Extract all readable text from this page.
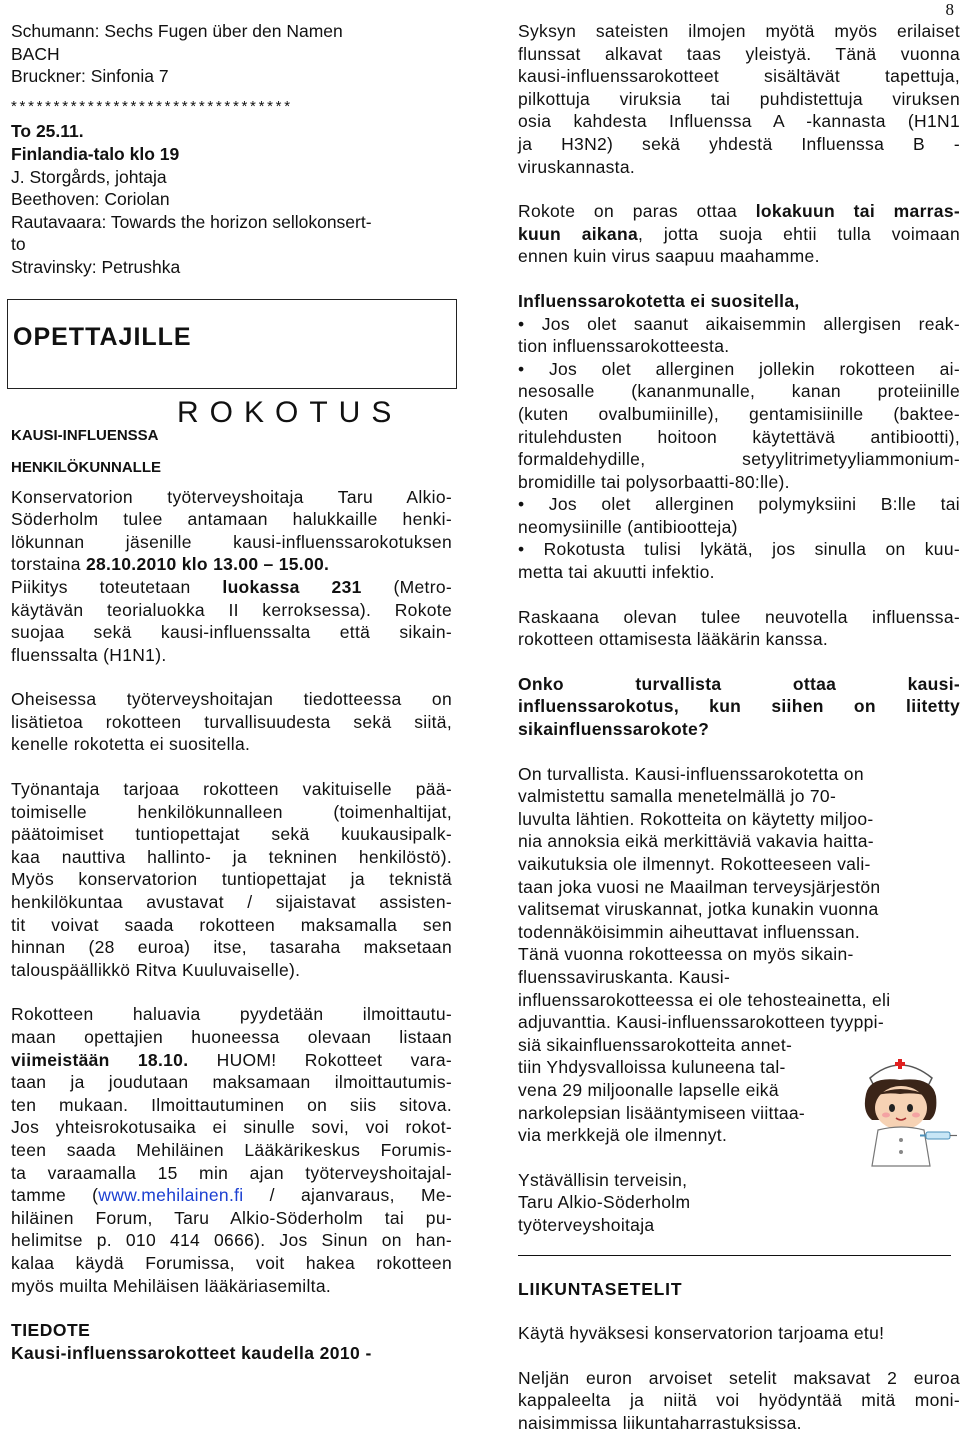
8

Schumann: Sechs Fugen über den Namen

BACH

Bruckner: Sinfonia 7

*********************************

To 25.11.

Finlandia-talo klo 19

J. Storgårds, johtaja

Beethoven: Coriolan

Rautavaara: Towards the horizon sellokonsert-

to

Stravinsky: Petrushka

OPETTAJILLE
KAUSI-INFLUENSSA
ROKOTUS
HENKILÖKUNNALLE

Konservatorion työterveyshoitaja Taru Alkio-

Söderholm tulee antamaan halukkaille henki-

lökunnan jäsenille kausi-influenssarokotuksen

torstaina 28.10.2010 klo 13.00 – 15.00.

Piikitys toteutetaan luokassa 231 (Metro-

käytävän teorialuokka II kerroksessa). Rokote

suojaa sekä kausi-influenssalta että sikain-

fluenssalta (H1N1).

Oheisessa työterveyshoitajan tiedotteessa on

lisätietoa rokotteen turvallisuudesta sekä siitä,

kenelle rokotetta ei suositella.

Työnantaja tarjoaa rokotteen vakituiselle pää-

toimiselle henkilökunnalleen (toimenhaltijat,

päätoimiset tuntiopettajat sekä kuukausipalk-

kaa nauttiva hallinto- ja tekninen henkilöstö).

Myös konservatorion tuntiopettajat ja teknistä

henkilökuntaa avustavat / sijaistavat assisten-

tit voivat saada rokotteen maksamalla sen

hinnan (28 euroa) itse, tasaraha maksetaan

talouspäällikkö Ritva Kuuluvaiselle).

Rokotteen haluavia pyydetään ilmoittautu-

maan opettajien huoneessa olevaan listaan

viimeistään 18.10. HUOM! Rokotteet vara-

taan ja joudutaan maksamaan ilmoittautumis-

ten mukaan. Ilmoittautuminen on siis sitova.

Jos yhteisrokotusaika ei sinulle sovi, voi rokot-

teen saada Mehiläinen Lääkärikeskus Forumis-

ta varaamalla 15 min ajan työterveyshoitajal-

tamme (www.mehilainen.fi / ajanvaraus, Me-

hiläinen Forum, Taru Alkio-Söderholm tai pu-

helimitse p. 010 414 0666). Jos Sinun on han-

kalaa käydä Forumissa, voit hakea rokotteen

myös muilta Mehiläisen lääkäriasemilta.

TIEDOTE

Kausi-influenssarokotteet kaudella 2010 -

Syksyn sateisten ilmojen myötä myös erilaiset

flunssat alkavat taas yleistyä. Tänä vuonna

kausi-influenssarokotteet sisältävät tapettuja,

pilkottuja viruksia tai puhdistettuja viruksen

osia kahdesta Influenssa A -kannasta (H1N1

ja H3N2) sekä yhdestä Influenssa B -

viruskannasta.

Rokote on paras ottaa lokakuun tai marras-

kuun aikana, jotta suoja ehtii tulla voimaan

ennen kuin virus saapuu maahamme.

Influenssarokotetta ei suositella,

• Jos olet saanut aikaisemmin allergisen reak-

tion influenssarokotteesta.

• Jos olet allerginen jollekin rokotteen ai-

nesosalle (kananmunalle, kanan proteiinille

(kuten ovalbumiinille), gentamisiinille (baktee-

ritulehdusten hoitoon käytettävä antibiootti),

formaldehydille, setyylitrimetyyliammonium-

bromidille tai polysorbaatti-80:lle).

• Jos olet allerginen polymyksiini B:lle tai

neomysiinille (antibiootteja)

• Rokotusta tulisi lykätä, jos sinulla on kuu-

metta tai akuutti infektio.

Raskaana olevan tulee neuvotella influenssa-

rokotteen ottamisesta lääkärin kanssa.

Onko turvallista ottaa kausi-

influenssarokotus, kun siihen on liitetty

sikainfluenssarokote?

On turvallista. Kausi-influenssarokotetta on

valmistettu samalla menetelmällä jo 70-

luvulta lähtien. Rokotteita on käytetty miljoo-

nia annoksia eikä merkittäviä vakavia haitta-

vaikutuksia ole ilmennyt. Rokotteeseen vali-

taan joka vuosi ne Maailman terveysjärjestön

valitsemat viruskannat, jotka kunakin vuonna

todennäköisimmin aiheuttavat influenssan.

Tänä vuonna rokotteessa on myös sikain-

fluenssaviruskanta. Kausi-

influenssarokotteessa ei ole tehosteainetta, eli

adjuvanttia. Kausi-influenssarokotteen tyyppi-

siä sikainfluenssarokotteita annet-

tiin Yhdysvalloissa kuluneena tal-

vena 29 miljoonalle lapselle eikä

narkolepsian lisääntymiseen viittaa-

via merkkejä ole ilmennyt.

Ystävällisin terveisin,

Taru Alkio-Söderholm

työterveyshoitaja

LIIKUNTASETELIT

Käytä hyväksesi konservatorion tarjoama etu!

Neljän euron arvoiset setelit maksavat 2 euroa

kappaleelta ja niitä voi hyödyntää mitä moni-

naisimmissa liikuntaharrastuksissa.
